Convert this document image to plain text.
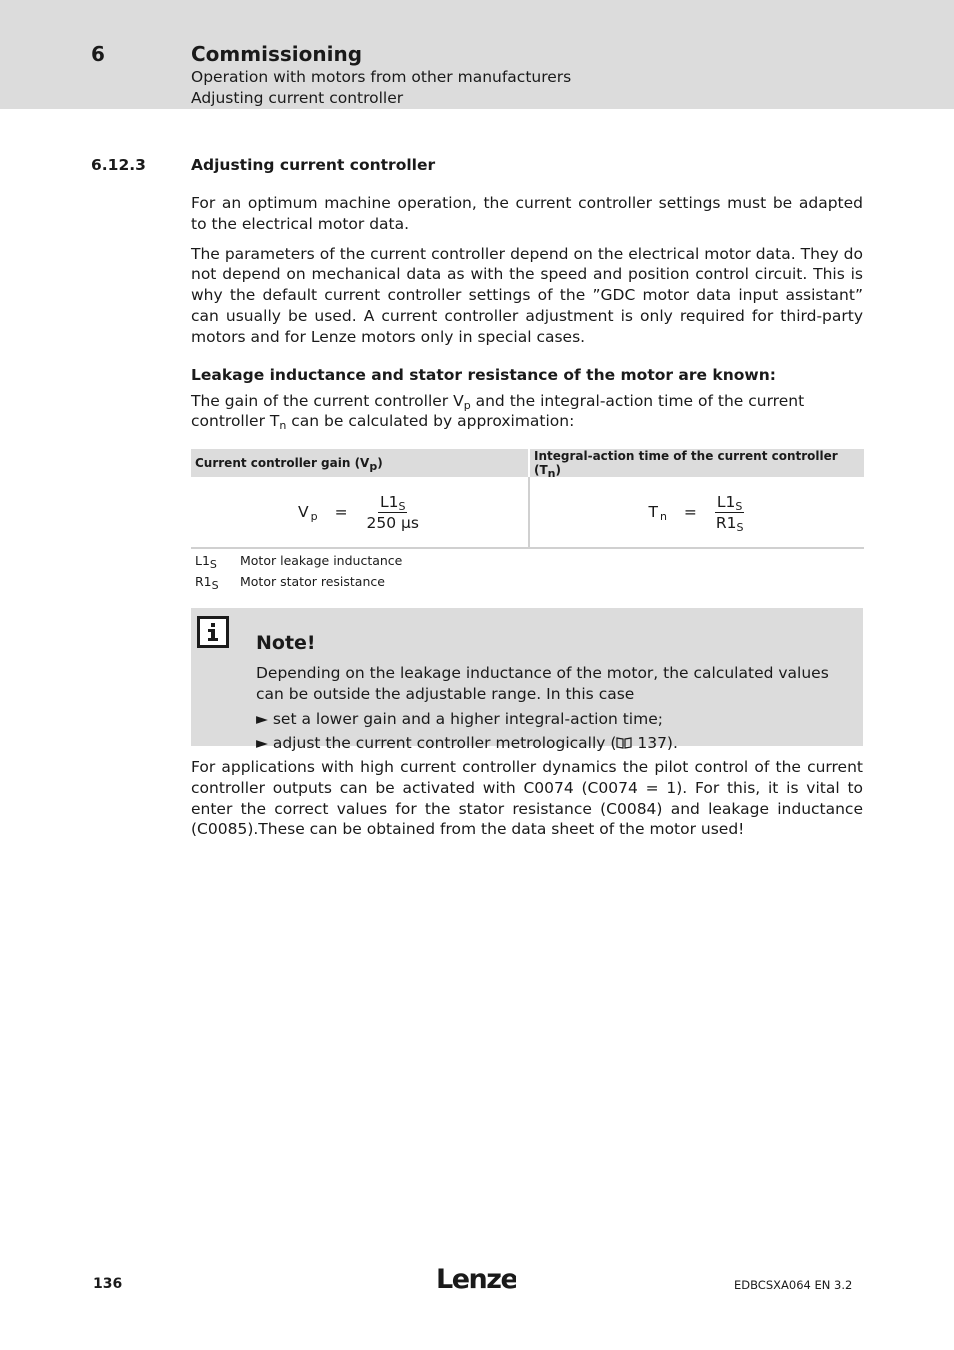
6	Commissioning
Operation with motors from other manufacturers
Adjusting current controller
6.12.3	Adjusting current controller

For an optimum machine operation, the current controller settings must be adapted to the electrical motor data.

The parameters of the current controller depend on the electrical motor data. They do not depend on mechanical data as with the speed and position control circuit. This is why the default current controller settings of the ”GDC motor data input assistant” can usually be used. A current controller adjustment is only required for third-party motors and for Lenze motors only in special cases.

Leakage inductance and stator resistance of the motor are known:

The gain of the current controller $V_p$ and the integral-action time of the current controller $T_n$ can be calculated by approximation:

Current controller gain $(V_p)$	Integral-action time of the current controller $(T_n)$
$V_p = \frac{L1_S}{\text{250 µs}}$	$T_n = \frac{L1_S}{R1_S}$
$L1_S$ Motor leakage inductance
$R1_S$ Motor stator resistance
Note!

Depending on the leakage inductance of the motor, the calculated values can be outside the adjustable range. In this case

► set a lower gain and a higher integral-action time;

► adjust the current controller metrologically ( 137).

For applications with high current controller dynamics the pilot control of the current controller outputs can be activated with C0074 (C0074 = 1). For this, it is vital to enter the correct values for the stator resistance (C0084) and leakage inductance (C0085).These can be obtained from the data sheet of the motor used!

136	Lenze	EDBCSXA064 EN 3.2
